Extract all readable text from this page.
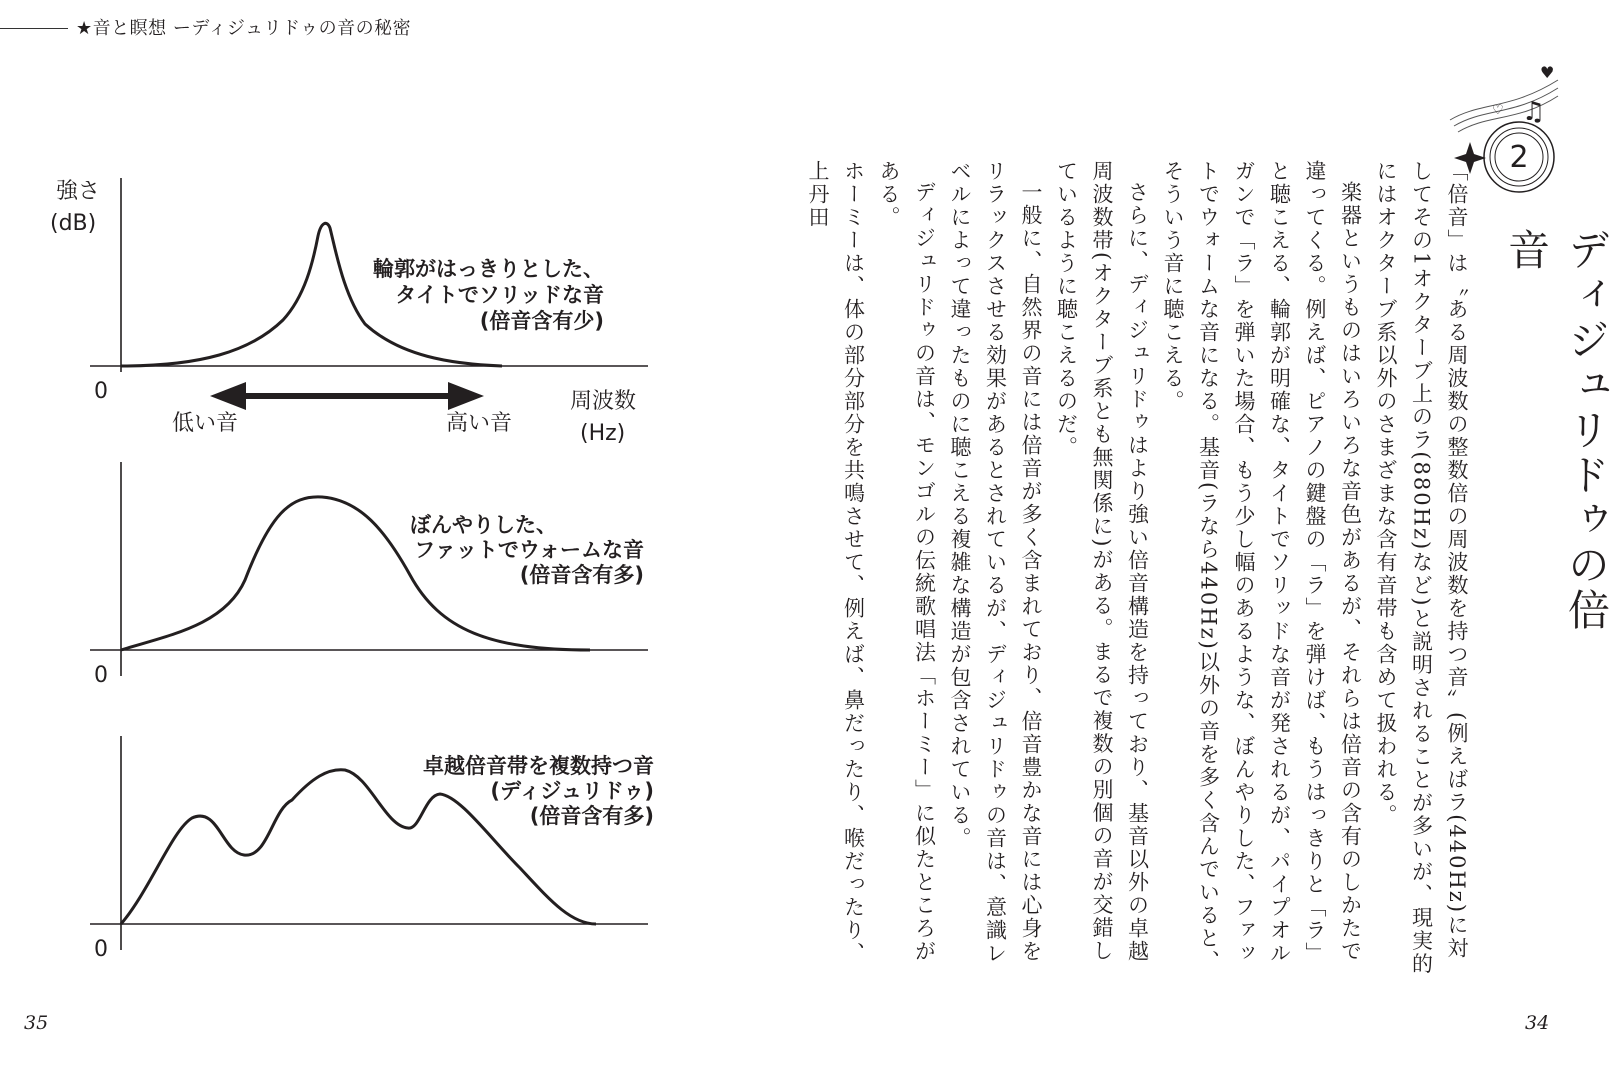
★音と瞑想 ーディジュリドゥの音の秘密
強さ
(dB)
0	周波数
(Hz)
低い音	高い音
輪郭がはっきりとした、
タイトでソリッドな音
(倍音含有少)
0
ぼんやりした、
ファットでウォームな音
(倍音含有多)
0
卓越倍音帯を複数持つ音
(ディジュリドゥ)
(倍音含有多)
♥
♡ ♫
2
ディジュリドゥの倍音

「倍音」は〝ある周波数の整数倍の周波数を持つ音〟(例えばラ(440Hz)に対してその1オクターブ上のラ(880Hz)など)と説明されることが多いが、現実的にはオクターブ系以外のさまざまな含有音帯も含めて扱われる。

楽器というものはいろいろな音色があるが、それらは倍音の含有のしかたで違ってくる。例えば、ピアノの鍵盤の「ラ」を弾けば、もうはっきりと「ラ」と聴こえる、輪郭が明確な、タイトでソリッドな音が発されるが、パイプオルガンで「ラ」を弾いた場合、もう少し幅のあるような、ぼんやりした、ファットでウォームな音になる。基音(ラなら440Hz)以外の音を多く含んでいると、そういう音に聴こえる。

さらに、ディジュリドゥはより強い倍音構造を持っており、基音以外の卓越周波数帯(オクターブ系とも無関係に)がある。まるで複数の別個の音が交錯しているように聴こえるのだ。

一般に、自然界の音には倍音が多く含まれており、倍音豊かな音には心身をリラックスさせる効果があるとされているが、ディジュリドゥの音は、意識レベルによって違ったものに聴こえる複雑な構造が包含されている。

ディジュリドゥの音は、モンゴルの伝統歌唱法「ホーミー」に似たところがある。

ホーミーは、体の部分部分を共鳴させて、例えば、鼻だったり、喉だったり、上丹田

35	34
